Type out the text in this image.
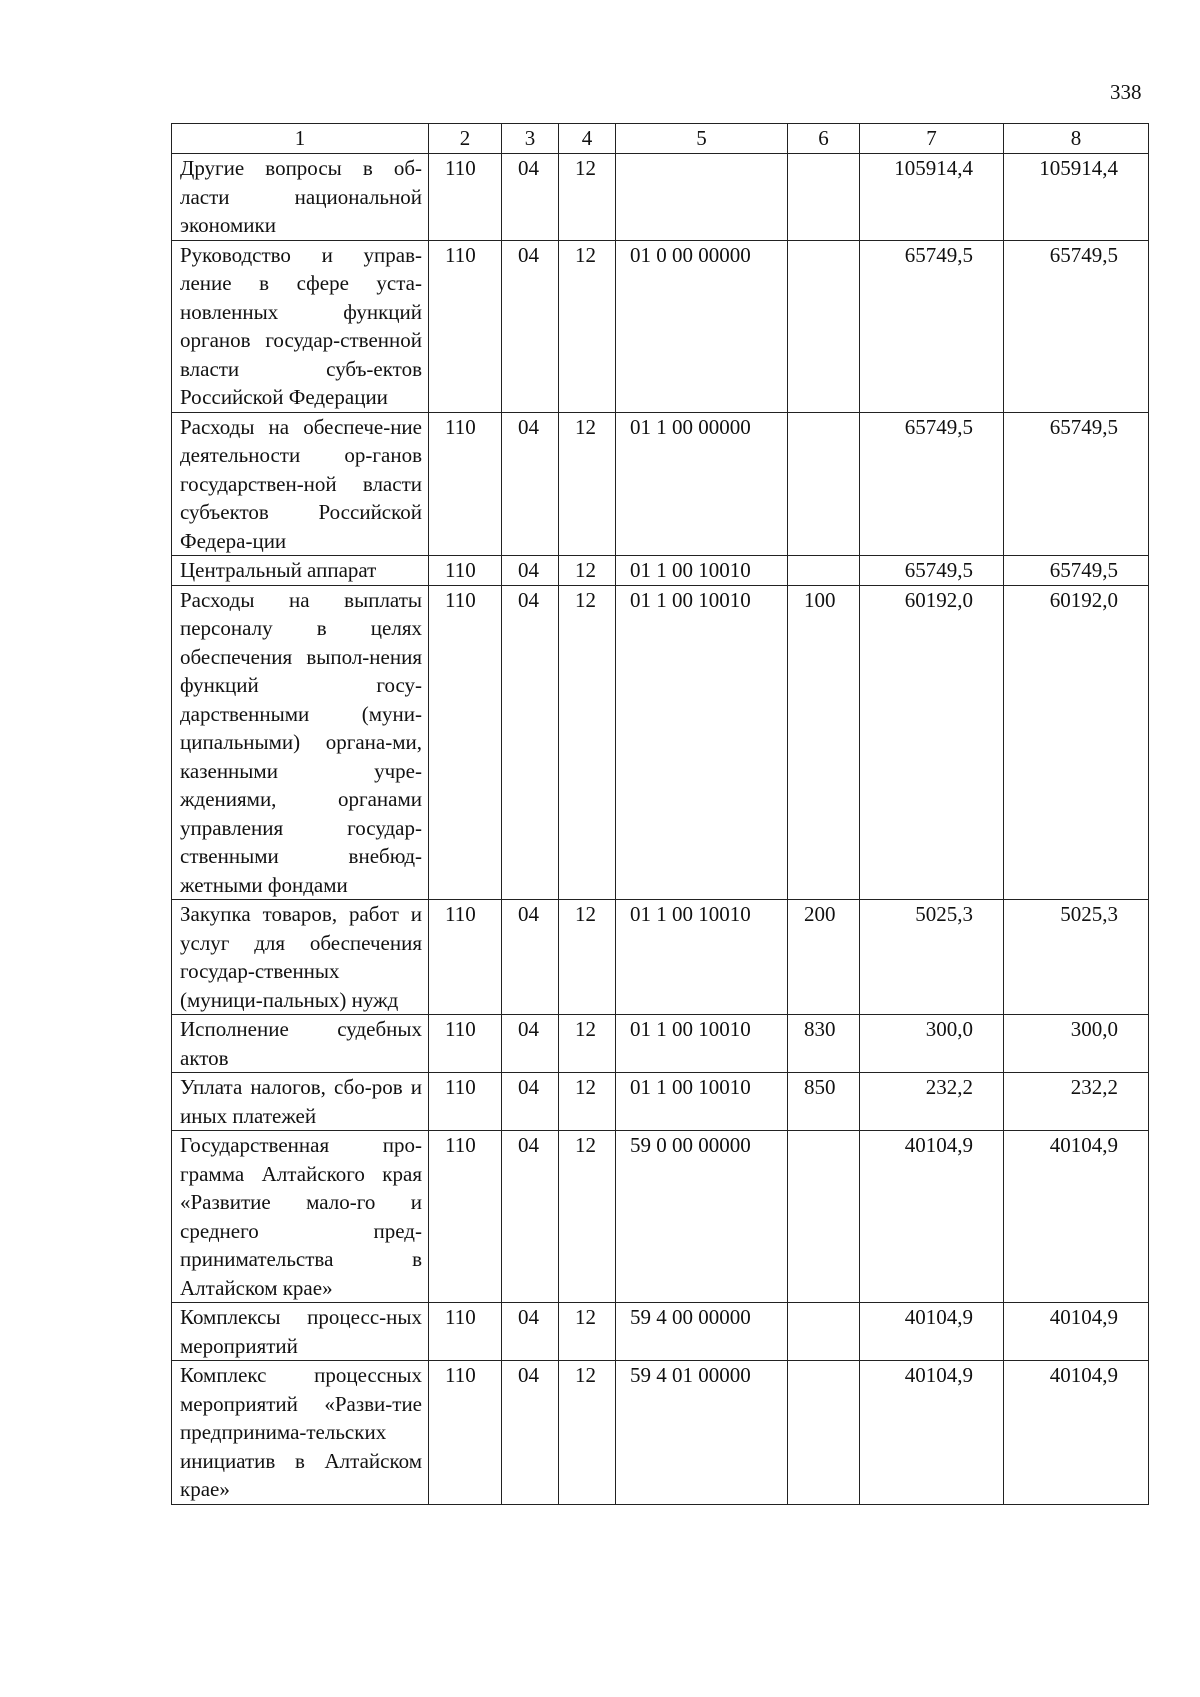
338
1	2	3	4	5	6	7	8
Другие вопросы в об-ласти национальной экономики	110	04	12			105914,4	105914,4
Руководство и управ-ление в сфере уста-новленных функций органов государ-ственной власти субъ-ектов Российской Федерации	110	04	12	01 0 00 00000		65749,5	65749,5
Расходы на обеспече-ние деятельности ор-ганов государствен-ной власти субъектов Российской Федера-ции	110	04	12	01 1 00 00000		65749,5	65749,5
Центральный аппарат	110	04	12	01 1 00 10010		65749,5	65749,5
Расходы на выплаты персоналу в целях обеспечения выпол-нения функций госу-дарственными (муни-ципальными) органа-ми, казенными учре-ждениями, органами управления государ-ственными внебюд-жетными фондами	110	04	12	01 1 00 10010	100	60192,0	60192,0
Закупка товаров, работ и услуг для обеспечения государ-ственных (муници-пальных) нужд	110	04	12	01 1 00 10010	200	5025,3	5025,3
Исполнение судебных актов	110	04	12	01 1 00 10010	830	300,0	300,0
Уплата налогов, сбо-ров и иных платежей	110	04	12	01 1 00 10010	850	232,2	232,2
Государственная про-грамма Алтайского края «Развитие мало-го и среднего пред-принимательства в Алтайском крае»	110	04	12	59 0 00 00000		40104,9	40104,9
Комплексы процесс-ных мероприятий	110	04	12	59 4 00 00000		40104,9	40104,9
Комплекс процессных мероприятий «Разви-тие предпринима-тельских инициатив в Алтайском крае»	110	04	12	59 4 01 00000		40104,9	40104,9
